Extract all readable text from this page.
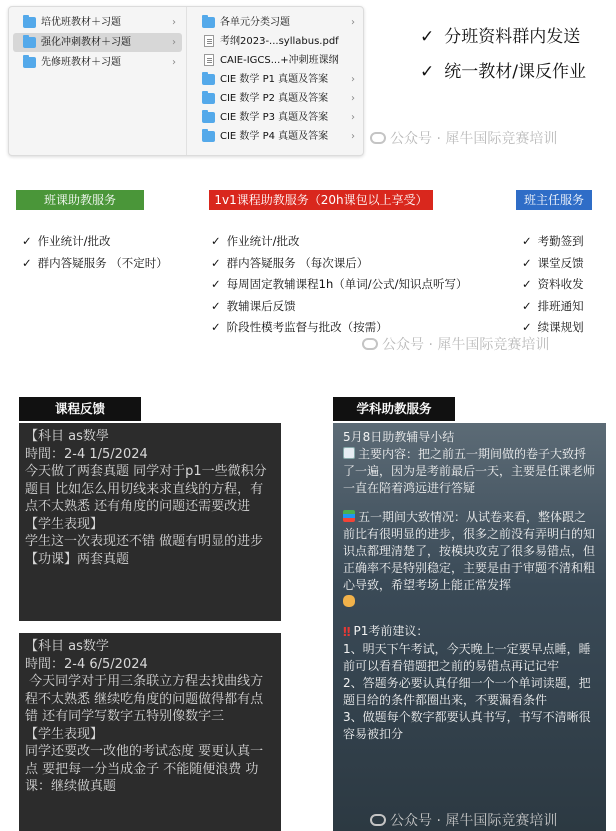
培优班教材＋习题	›
强化冲刺教材＋习题	›
先修班教材＋习题	›
各单元分类习题	›
考纲2023-...syllabus.pdf
CAIE-IGCS...+冲刺班课纲
CIE 数学 P1 真题及答案 ›
CIE 数学 P2 真题及答案 ›
CIE 数学 P3 真题及答案 ›
CIE 数学 P4 真题及答案 ›
✓ 分班资料群内发送
✓ 统一教材/课反作业
公众号 · 犀牛国际竞赛培训
班课助教服务	1v1课程助教服务（20h课包以上享受）	班主任服务
✓ 作业统计/批改
✓ 群内答疑服务 （不定时）
✓ 作业统计/批改
✓ 群内答疑服务 （每次课后）
✓ 每周固定教辅课程1h（单词/公式/知识点听写）
✓ 教辅课后反馈
✓ 阶段性模考监督与批改（按需）
✓ 考勤签到
✓ 课堂反馈
✓ 资料收发
✓ 排班通知
✓ 续课规划
公众号 · 犀牛国际竞赛培训
课程反馈
【科目 as数學
時間：2-4 1/5/2024
今天做了两套真题 同学对于p1一些微积分题目 比如怎么用切线来求直线的方程，有点不太熟悉 还有角度的问题还需要改进
【学生表现】
学生这一次表现还不错 做题有明显的进步
【功课】两套真题
【科目 as数学
時間：2-4 6/5/2024
今天同学对于用三条联立方程去找曲线方程不太熟悉 继续吃角度的问题做得都有点错 还有同学写数字五特别像数字三
【学生表现】
同学还要改一改他的考试态度 要更认真一点 要把每一分当成金子 不能随便浪费 功课：继续做真题
学科助教服务
5月8日助教辅导小结
主要内容：把之前五一期间做的卷子大致捋了一遍，因为是考前最后一天，主要是任课老师一直在陪着鸿远进行答疑
五一期间大致情况：从试卷来看，整体跟之前比有很明显的进步，很多之前没有弄明白的知识点都理清楚了，按模块攻克了很多易错点，但正确率不是特别稳定，主要是由于审题不清和粗心导致，希望考场上能正常发挥
‼ P1考前建议：
1、明天下午考试，今天晚上一定要早点睡，睡前可以看看错题把之前的易错点再记记牢
2、答题务必要认真仔细一个一个单词读题，把题目给的条件都圈出来，不要漏看条件
3、做题每个数字都要认真书写，书写不清晰很容易被扣分
公众号 · 犀牛国际竞赛培训
